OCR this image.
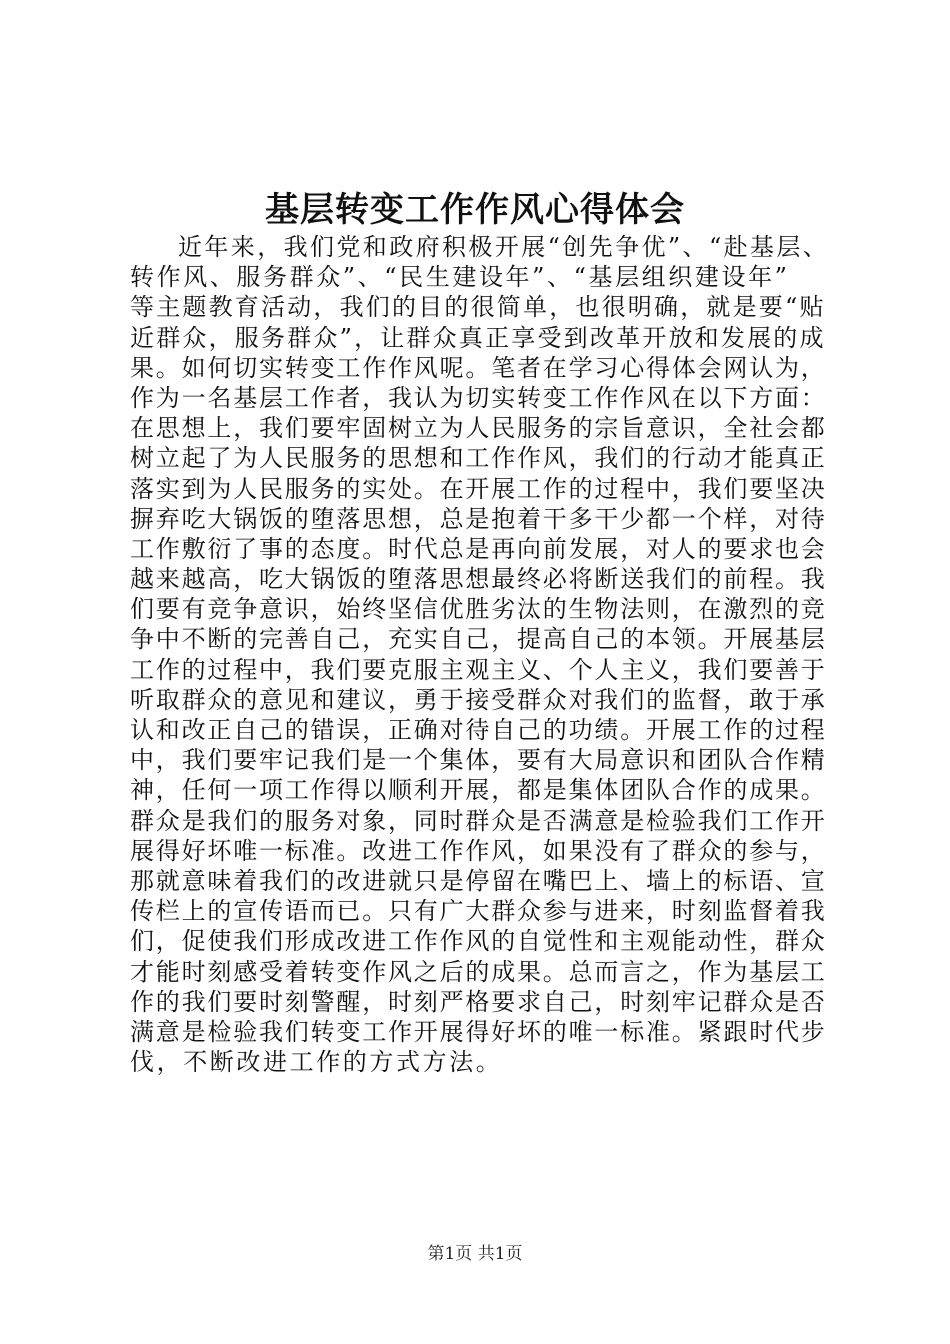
基层转变工作作风心得体会
近年来，我们党和政府积极开展“创先争优”、“赴基层、
转作风、服务群众”、“民生建设年”、“基层组织建设年”
等主题教育活动，我们的目的很简单，也很明确，就是要“贴
近群众，服务群众”，让群众真正享受到改革开放和发展的成
果。如何切实转变工作作风呢。笔者在学习心得体会网认为，
作为一名基层工作者，我认为切实转变工作作风在以下方面：
在思想上，我们要牢固树立为人民服务的宗旨意识，全社会都
树立起了为人民服务的思想和工作作风，我们的行动才能真正
落实到为人民服务的实处。在开展工作的过程中，我们要坚决
摒弃吃大锅饭的堕落思想，总是抱着干多干少都一个样，对待
工作敷衍了事的态度。时代总是再向前发展，对人的要求也会
越来越高，吃大锅饭的堕落思想最终必将断送我们的前程。我
们要有竞争意识，始终坚信优胜劣汰的生物法则，在激烈的竞
争中不断的完善自己，充实自己，提高自己的本领。开展基层
工作的过程中，我们要克服主观主义、个人主义，我们要善于
听取群众的意见和建议，勇于接受群众对我们的监督，敢于承
认和改正自己的错误，正确对待自己的功绩。开展工作的过程
中，我们要牢记我们是一个集体，要有大局意识和团队合作精
神，任何一项工作得以顺利开展，都是集体团队合作的成果。
群众是我们的服务对象，同时群众是否满意是检验我们工作开
展得好坏唯一标准。改进工作作风，如果没有了群众的参与，
那就意味着我们的改进就只是停留在嘴巴上、墙上的标语、宣
传栏上的宣传语而已。只有广大群众参与进来，时刻监督着我
们，促使我们形成改进工作作风的自觉性和主观能动性，群众
才能时刻感受着转变作风之后的成果。总而言之，作为基层工
作的我们要时刻警醒，时刻严格要求自己，时刻牢记群众是否
满意是检验我们转变工作开展得好坏的唯一标准。紧跟时代步
伐，不断改进工作的方式方法。
第1页 共1页
